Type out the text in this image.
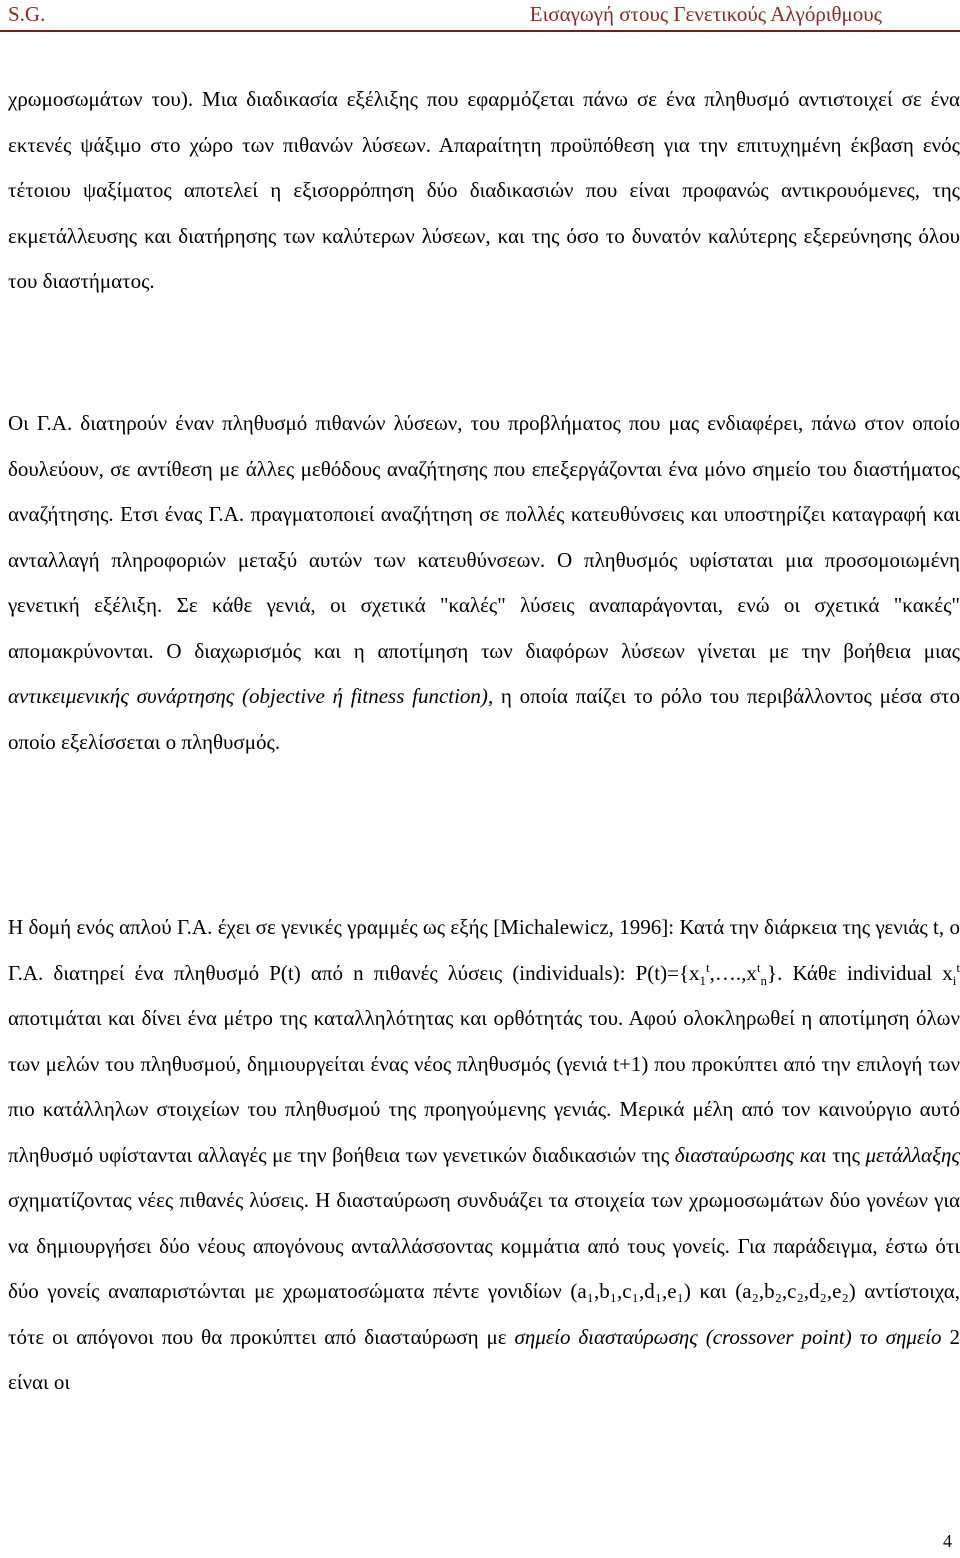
S.G.	Εισαγωγή στους Γενετικούς Αλγόριθμους

χρωμοσωμάτων του). Μια διαδικασία εξέλιξης που εφαρμόζεται πάνω σε ένα πληθυσμό αντιστοιχεί σε ένα εκτενές ψάξιμο στο χώρο των πιθανών λύσεων. Απαραίτητη προϋπόθεση για την επιτυχημένη έκβαση ενός τέτοιου ψαξίματος αποτελεί η εξισορρόπηση δύο διαδικασιών που είναι προφανώς αντικρουόμενες, της εκμετάλλευσης και διατήρησης των καλύτερων λύσεων, και της όσο το δυνατόν καλύτερης εξερεύνησης όλου του διαστήματος.

Οι Γ.Α. διατηρούν έναν πληθυσμό πιθανών λύσεων, του προβλήματος που μας ενδιαφέρει, πάνω στον οποίο δουλεύουν, σε αντίθεση με άλλες μεθόδους αναζήτησης που επεξεργάζονται ένα μόνο σημείο του διαστήματος αναζήτησης. Ετσι ένας Γ.Α. πραγματοποιεί αναζήτηση σε πολλές κατευθύνσεις και υποστηρίζει καταγραφή και ανταλλαγή πληροφοριών μεταξύ αυτών των κατευθύνσεων. Ο πληθυσμός υφίσταται μια προσομοιωμένη γενετική εξέλιξη. Σε κάθε γενιά, οι σχετικά "καλές" λύσεις αναπαράγονται, ενώ οι σχετικά "κακές" απομακρύνονται. Ο διαχωρισμός και η αποτίμηση των διαφόρων λύσεων γίνεται με την βοήθεια μιας αντικειμενικής συνάρτησης (objective ή fitness function), η οποία παίζει το ρόλο του περιβάλλοντος μέσα στο οποίο εξελίσσεται ο πληθυσμός.

Η δομή ενός απλού Γ.Α. έχει σε γενικές γραμμές ως εξής [Michalewicz, 1996]: Κατά την διάρκεια της γενιάς t, ο Γ.Α. διατηρεί ένα πληθυσμό P(t) από n πιθανές λύσεις (individuals): $P(t)=\{x_1^t,\dots.,x^t_n\}$. Κάθε individual $x_i^t$ αποτιμάται και δίνει ένα μέτρο της καταλληλότητας και ορθότητάς του. Αφού ολοκληρωθεί η αποτίμηση όλων των μελών του πληθυσμού, δημιουργείται ένας νέος πληθυσμός (γενιά t+1) που προκύπτει από την επιλογή των πιο κατάλληλων στοιχείων του πληθυσμού της προηγούμενης γενιάς. Μερικά μέλη από τον καινούργιο αυτό πληθυσμό υφίστανται αλλαγές με την βοήθεια των γενετικών διαδικασιών της διασταύρωσης και της μετάλλαξης σχηματίζοντας νέες πιθανές λύσεις. Η διασταύρωση συνδυάζει τα στοιχεία των χρωμοσωμάτων δύο γονέων για να δημιουργήσει δύο νέους απογόνους ανταλλάσσοντας κομμάτια από τους γονείς. Για παράδειγμα, έστω ότι δύο γονείς αναπαριστώνται με χρωματοσώματα πέντε γονιδίων (a₁,b₁,c₁,d₁,e₁) και (a₂,b₂,c₂,d₂,e₂) αντίστοιχα, τότε οι απόγονοι που θα προκύπτει από διασταύρωση με σημείο διασταύρωσης (crossover point) το σημείο 2 είναι οι

4
